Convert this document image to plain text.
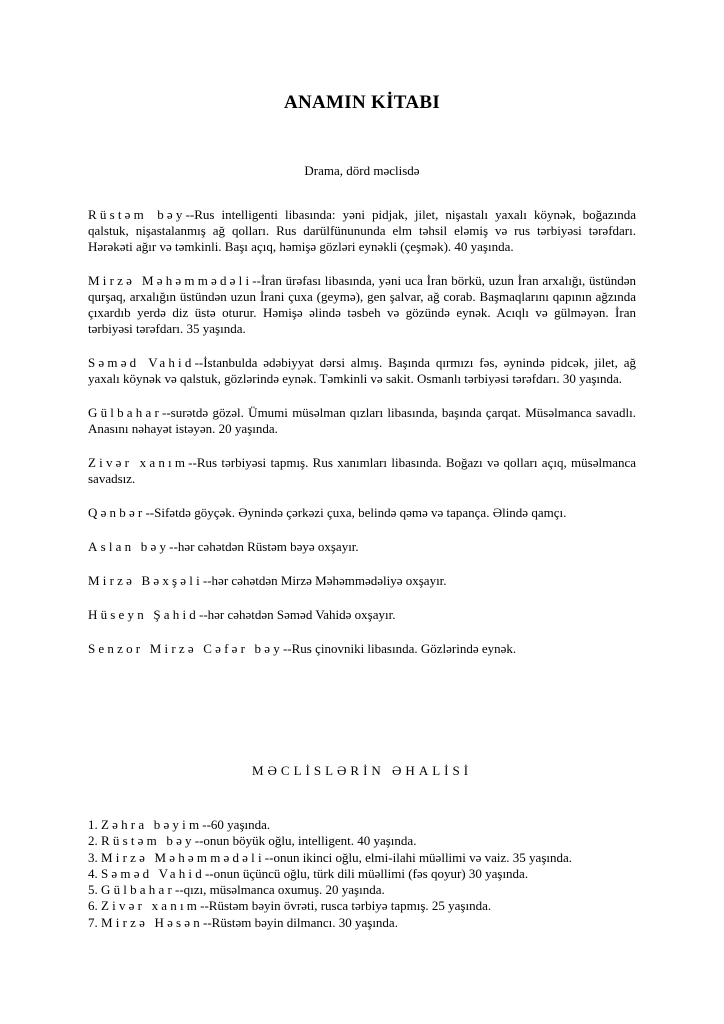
ANAMIN KİTABI
Drama, dörd məclisdə

Rüstəm bəy--Rus intelligenti libasında: yəni pidjak, jilet, nişastalı yaxalı köynək, boğazında qalstuk, nişastalanmış ağ qolları. Rus darülfünununda elm təhsil eləmiş və rus tərbiyəsi tərəfdarı. Hərəkəti ağır və təmkinli. Başı açıq, həmişə gözləri eynəkli (çeşmək). 40 yaşında.

Mirzə Məhəmmədəli--İran ürəfası libasında, yəni uca İran börkü, uzun İran arxalığı, üstündən qurşaq, arxalığın üstündən uzun İrani çuxa (geymə), gen şalvar, ağ corab. Başmaqlarını qapının ağzında çıxardıb yerdə diz üstə oturur. Həmişə əlində təsbeh və gözündə eynək. Acıqlı və gülməyən. İran tərbiyəsi tərəfdarı. 35 yaşında.

Səməd Vahid--İstanbulda ədəbiyyat dərsi almış. Başında qırmızı fəs, əynində pidcək, jilet, ağ yaxalı köynək və qalstuk, gözlərində eynək. Təmkinli və sakit. Osmanlı tərbiyəsi tərəfdarı. 30 yaşında.

Gülbahar--surətdə gözəl. Ümumi müsəlman qızları libasında, başında çarqat. Müsəlmanca savadlı. Anasını nəhayət istəyən. 20 yaşında.

Zivər xanım--Rus tərbiyəsi tapmış. Rus xanımları libasında. Boğazı və qolları açıq, müsəlmanca savadsız.

Qənbər--Sifətdə göyçək. Əynində çərkəzi çuxa, belində qəmə və tapança. Əlində qamçı.

Aslan bəy--hər cəhətdən Rüstəm bəyə oxşayır.

Mirzə Bəxşəli--hər cəhətdən Mirzə Məhəmmədəliyə oxşayır.

Hüseyn Şahid--hər cəhətdən Səməd Vahidə oxşayır.

Senzor Mirzə Cəfər bəy--Rus çinovniki libasında. Gözlərində eynək.

MƏCLİSLƏRİN ƏHALİSİ
1. Zəhra bəyim--60 yaşında.
2. Rüstəm bəy--onun böyük oğlu, intelligent. 40 yaşında.
3. Mirzə Məhəmmədəli--onun ikinci oğlu, elmi-ilahi müəllimi və vaiz. 35 yaşında.
4. Səməd Vahid--onun üçüncü oğlu, türk dili müəllimi (fəs qoyur) 30 yaşında.
5. Gülbahar--qızı, müsəlmanca oxumuş. 20 yaşında.
6. Zivər xanım--Rüstəm bəyin övrəti, rusca tərbiyə tapmış. 25 yaşında.
7. Mirzə Həsən--Rüstəm bəyin dilmancı. 30 yaşında.
